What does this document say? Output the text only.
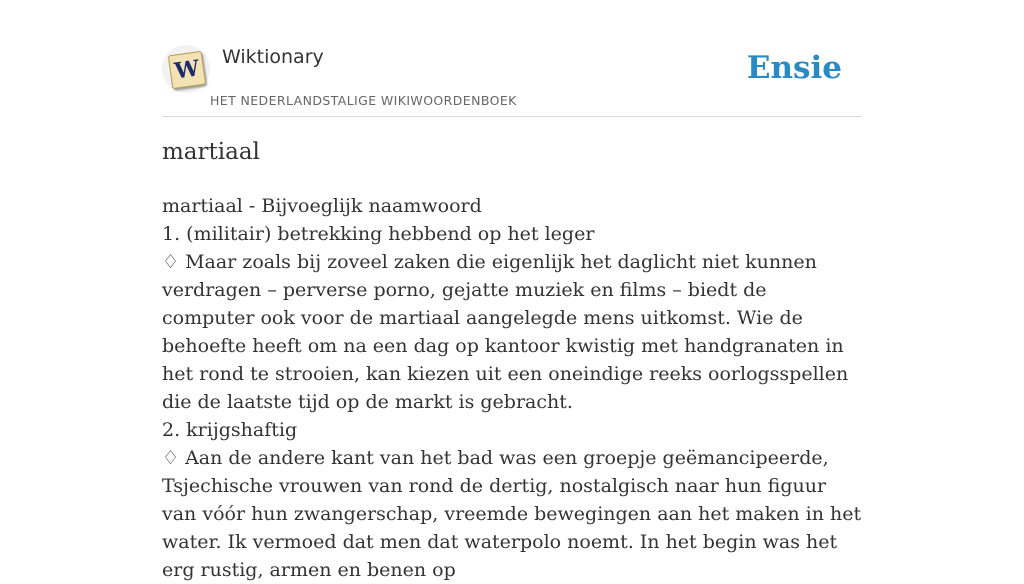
W Wiktionary
HET NEDERLANDSTALIGE WIKIWOORDENBOEK
Ensie
martiaal

martiaal - Bijvoeglijk naamwoord

1. (militair) betrekking hebbend op het leger

♢ Maar zoals bij zoveel zaken die eigenlijk het daglicht niet kunnen verdragen – perverse porno, gejatte muziek en films – biedt de computer ook voor de martiaal aangelegde mens uitkomst. Wie de behoefte heeft om na een dag op kantoor kwistig met handgranaten in het rond te strooien, kan kiezen uit een oneindige reeks oorlogsspellen die de laatste tijd op de markt is gebracht.

2. krijgshaftig

♢ Aan de andere kant van het bad was een groepje geëmancipeerde, Tsjechische vrouwen van rond de dertig, nostalgisch naar hun figuur van vóór hun zwangerschap, vreemde bewegingen aan het maken in het water. Ik vermoed dat men dat waterpolo noemt. In het begin was het erg rustig, armen en benen op
